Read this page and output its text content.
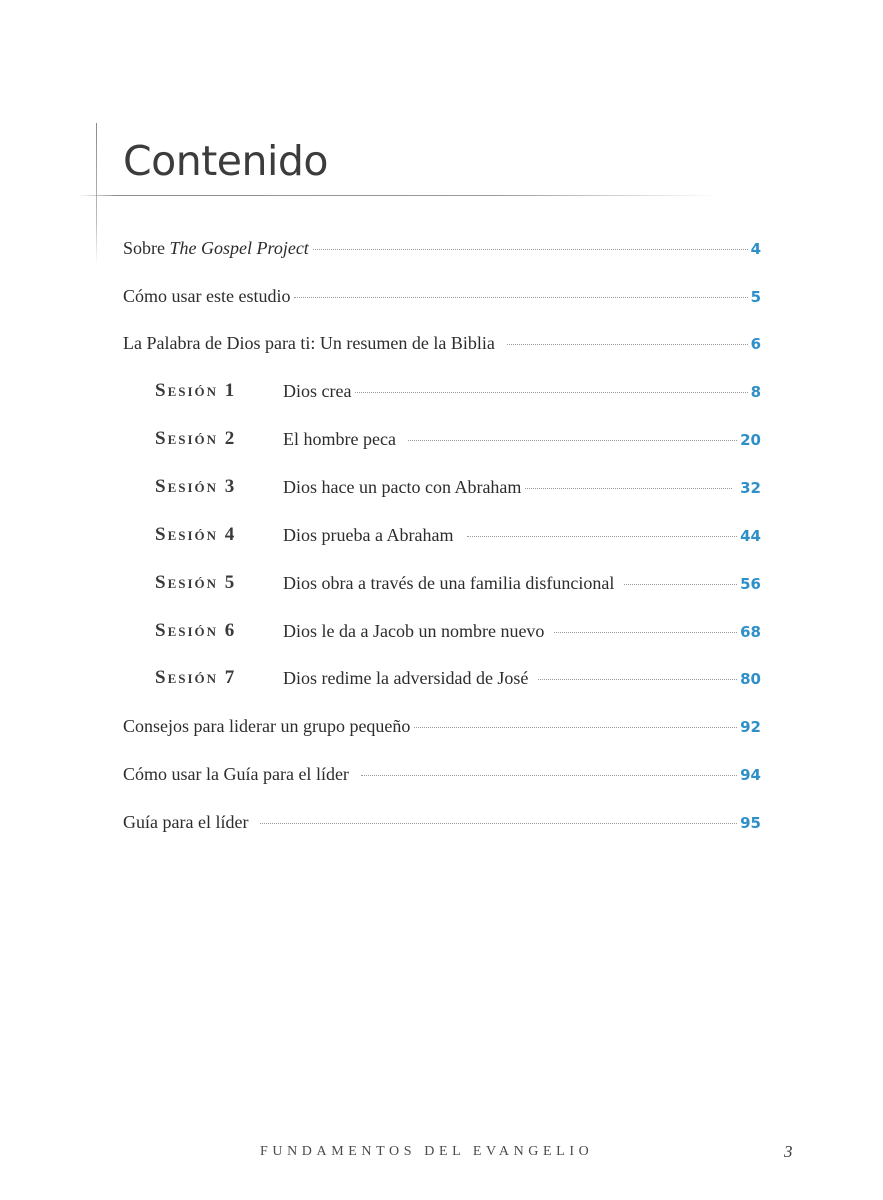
Contenido
Sobre The Gospel Project	4
Cómo usar este estudio	5
La Palabra de Dios para ti: Un resumen de la Biblia	6
Sesión 1	Dios crea	8
Sesión 2	El hombre peca	20
Sesión 3	Dios hace un pacto con Abraham	32
Sesión 4	Dios prueba a Abraham	44
Sesión 5	Dios obra a través de una familia disfuncional	56
Sesión 6	Dios le da a Jacob un nombre nuevo	68
Sesión 7	Dios redime la adversidad de José	80
Consejos para liderar un grupo pequeño	92
Cómo usar la Guía para el líder	94
Guía para el líder	95
FUNDAMENTOS DEL EVANGELIO	3
